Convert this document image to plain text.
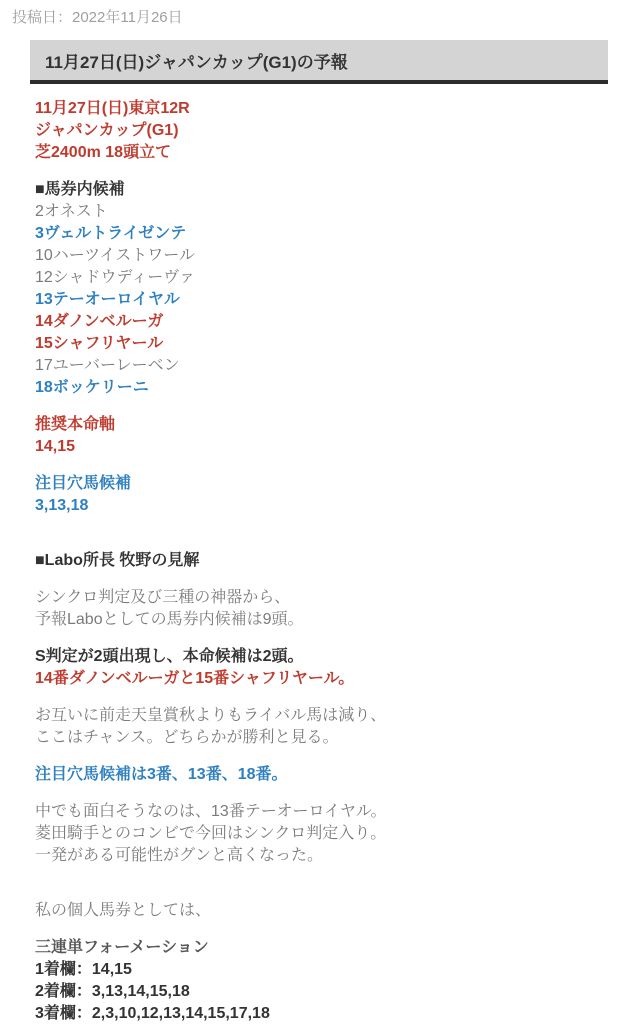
投稿日：2022年11月26日
11月27日(日)ジャパンカップ(G1)の予報

11月27日(日)東京12R
ジャパンカップ(G1)
芝2400m 18頭立て

■馬券内候補
2オネスト
3ヴェルトライゼンテ
10ハーツイストワール
12シャドウディーヴァ
13テーオーロイヤル
14ダノンベルーガ
15シャフリヤール
17ユーバーレーベン
18ボッケリーニ

推奨本命軸
14,15

注目穴馬候補
3,13,18

■Labo所長 牧野の見解

シンクロ判定及び三種の神器から、
予報Laboとしての馬券内候補は9頭。

S判定が2頭出現し、本命候補は2頭。
14番ダノンベルーガと15番シャフリヤール。

お互いに前走天皇賞秋よりもライバル馬は減り、
ここはチャンス。どちらかが勝利と見る。

注目穴馬候補は3番、13番、18番。

中でも面白そうなのは、13番テーオーロイヤル。
菱田騎手とのコンビで今回はシンクロ判定入り。
一発がある可能性がグンと高くなった。

私の個人馬券としては、

三連単フォーメーション
1着欄：14,15
2着欄：3,13,14,15,18
3着欄：2,3,10,12,13,14,15,17,18
